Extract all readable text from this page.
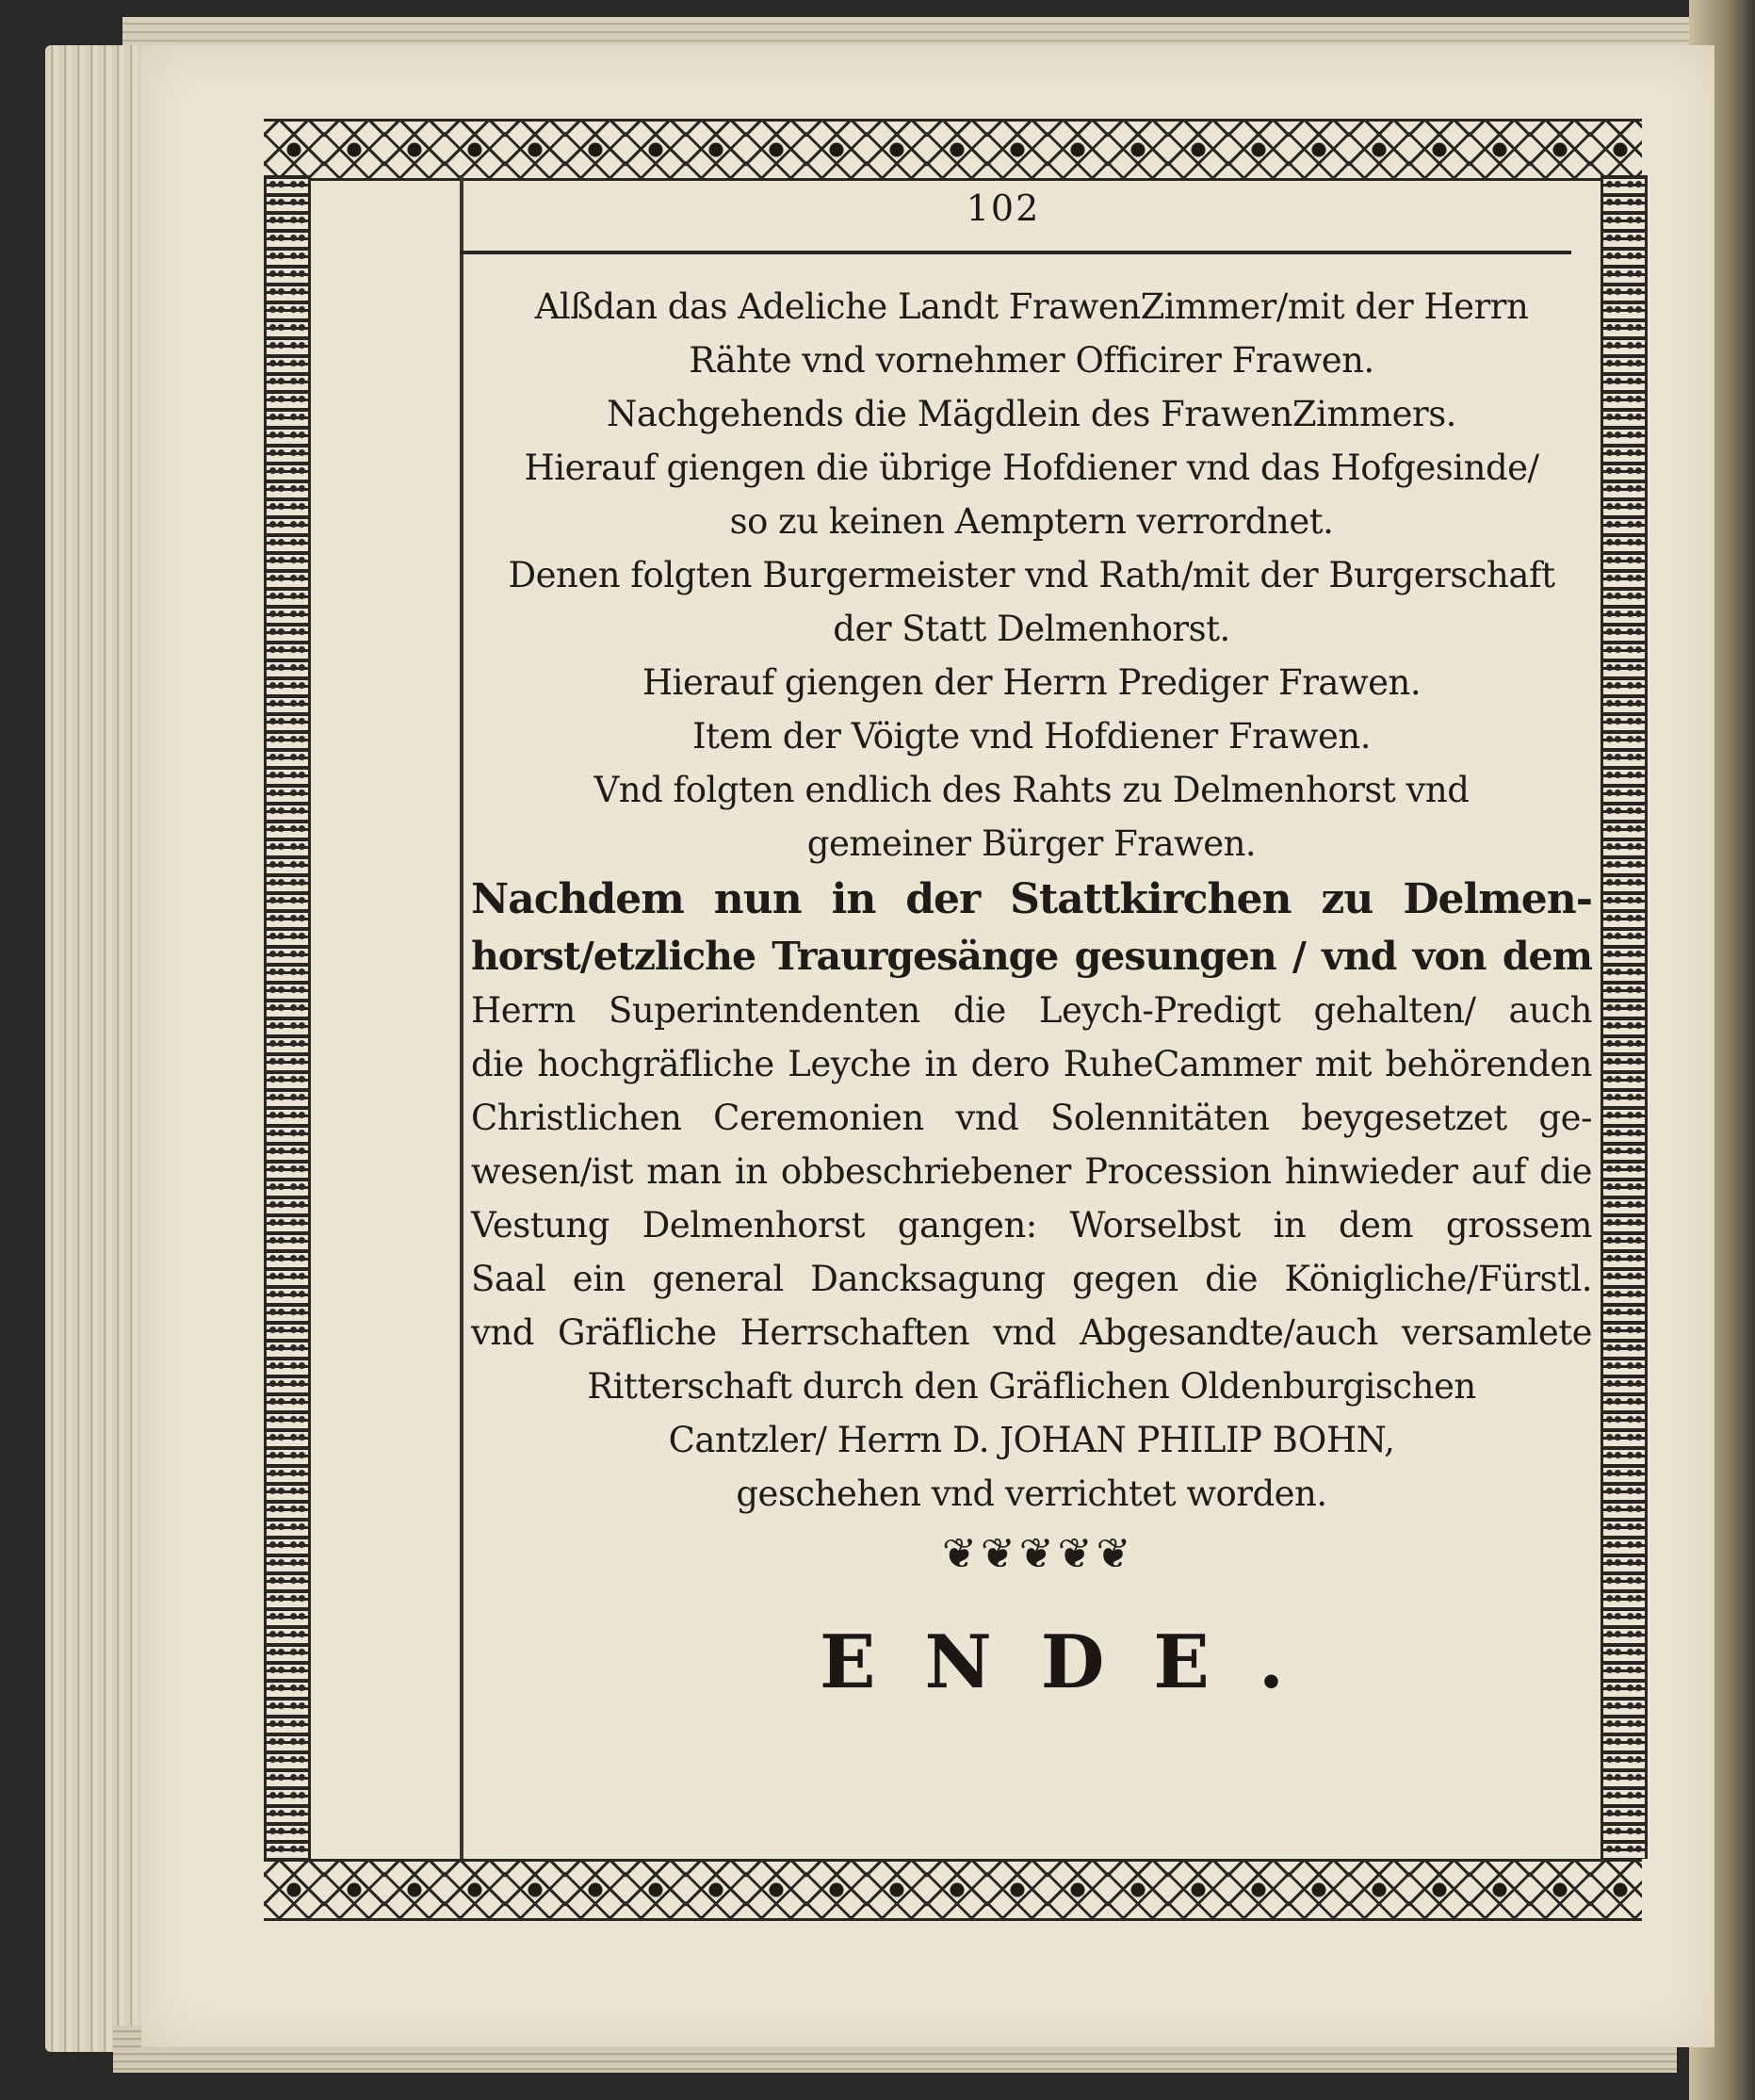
102
Alßdan das Adeliche Landt FrawenZimmer/mit der Herrn
Rähte vnd vornehmer Officirer Frawen.
Nachgehends die Mägdlein des FrawenZimmers.
Hierauf giengen die übrige Hofdiener vnd das Hofgesinde/
so zu keinen Aemptern verrordnet.
Denen folgten Burgermeister vnd Rath/mit der Burgerschaft
der Statt Delmenhorst.
Hierauf giengen der Herrn Prediger Frawen.
Item der Vöigte vnd Hofdiener Frawen.
Vnd folgten endlich des Rahts zu Delmenhorst vnd
gemeiner Bürger Frawen.
Nachdem nun in der Stattkirchen zu Delmen-
horst/etzliche Traurgesänge gesungen / vnd von dem
Herrn Superintendenten die Leych-Predigt gehalten/ auch
die hochgräfliche Leyche in dero RuheCammer mit behörenden
Christlichen Ceremonien vnd Solennitäten beygesetzet ge-
wesen/ist man in obbeschriebener Procession hinwieder auf die
Vestung Delmenhorst gangen: Worselbst in dem grossem
Saal ein general Dancksagung gegen die Königliche/Fürstl.
vnd Gräfliche Herrschaften vnd Abgesandte/auch versamlete
Ritterschaft durch den Gräflichen Oldenburgischen
Cantzler/ Herrn D. JOHAN PHILIP BOHN,
geschehen vnd verrichtet worden.
❦❦❦❦❦
ENDE.
